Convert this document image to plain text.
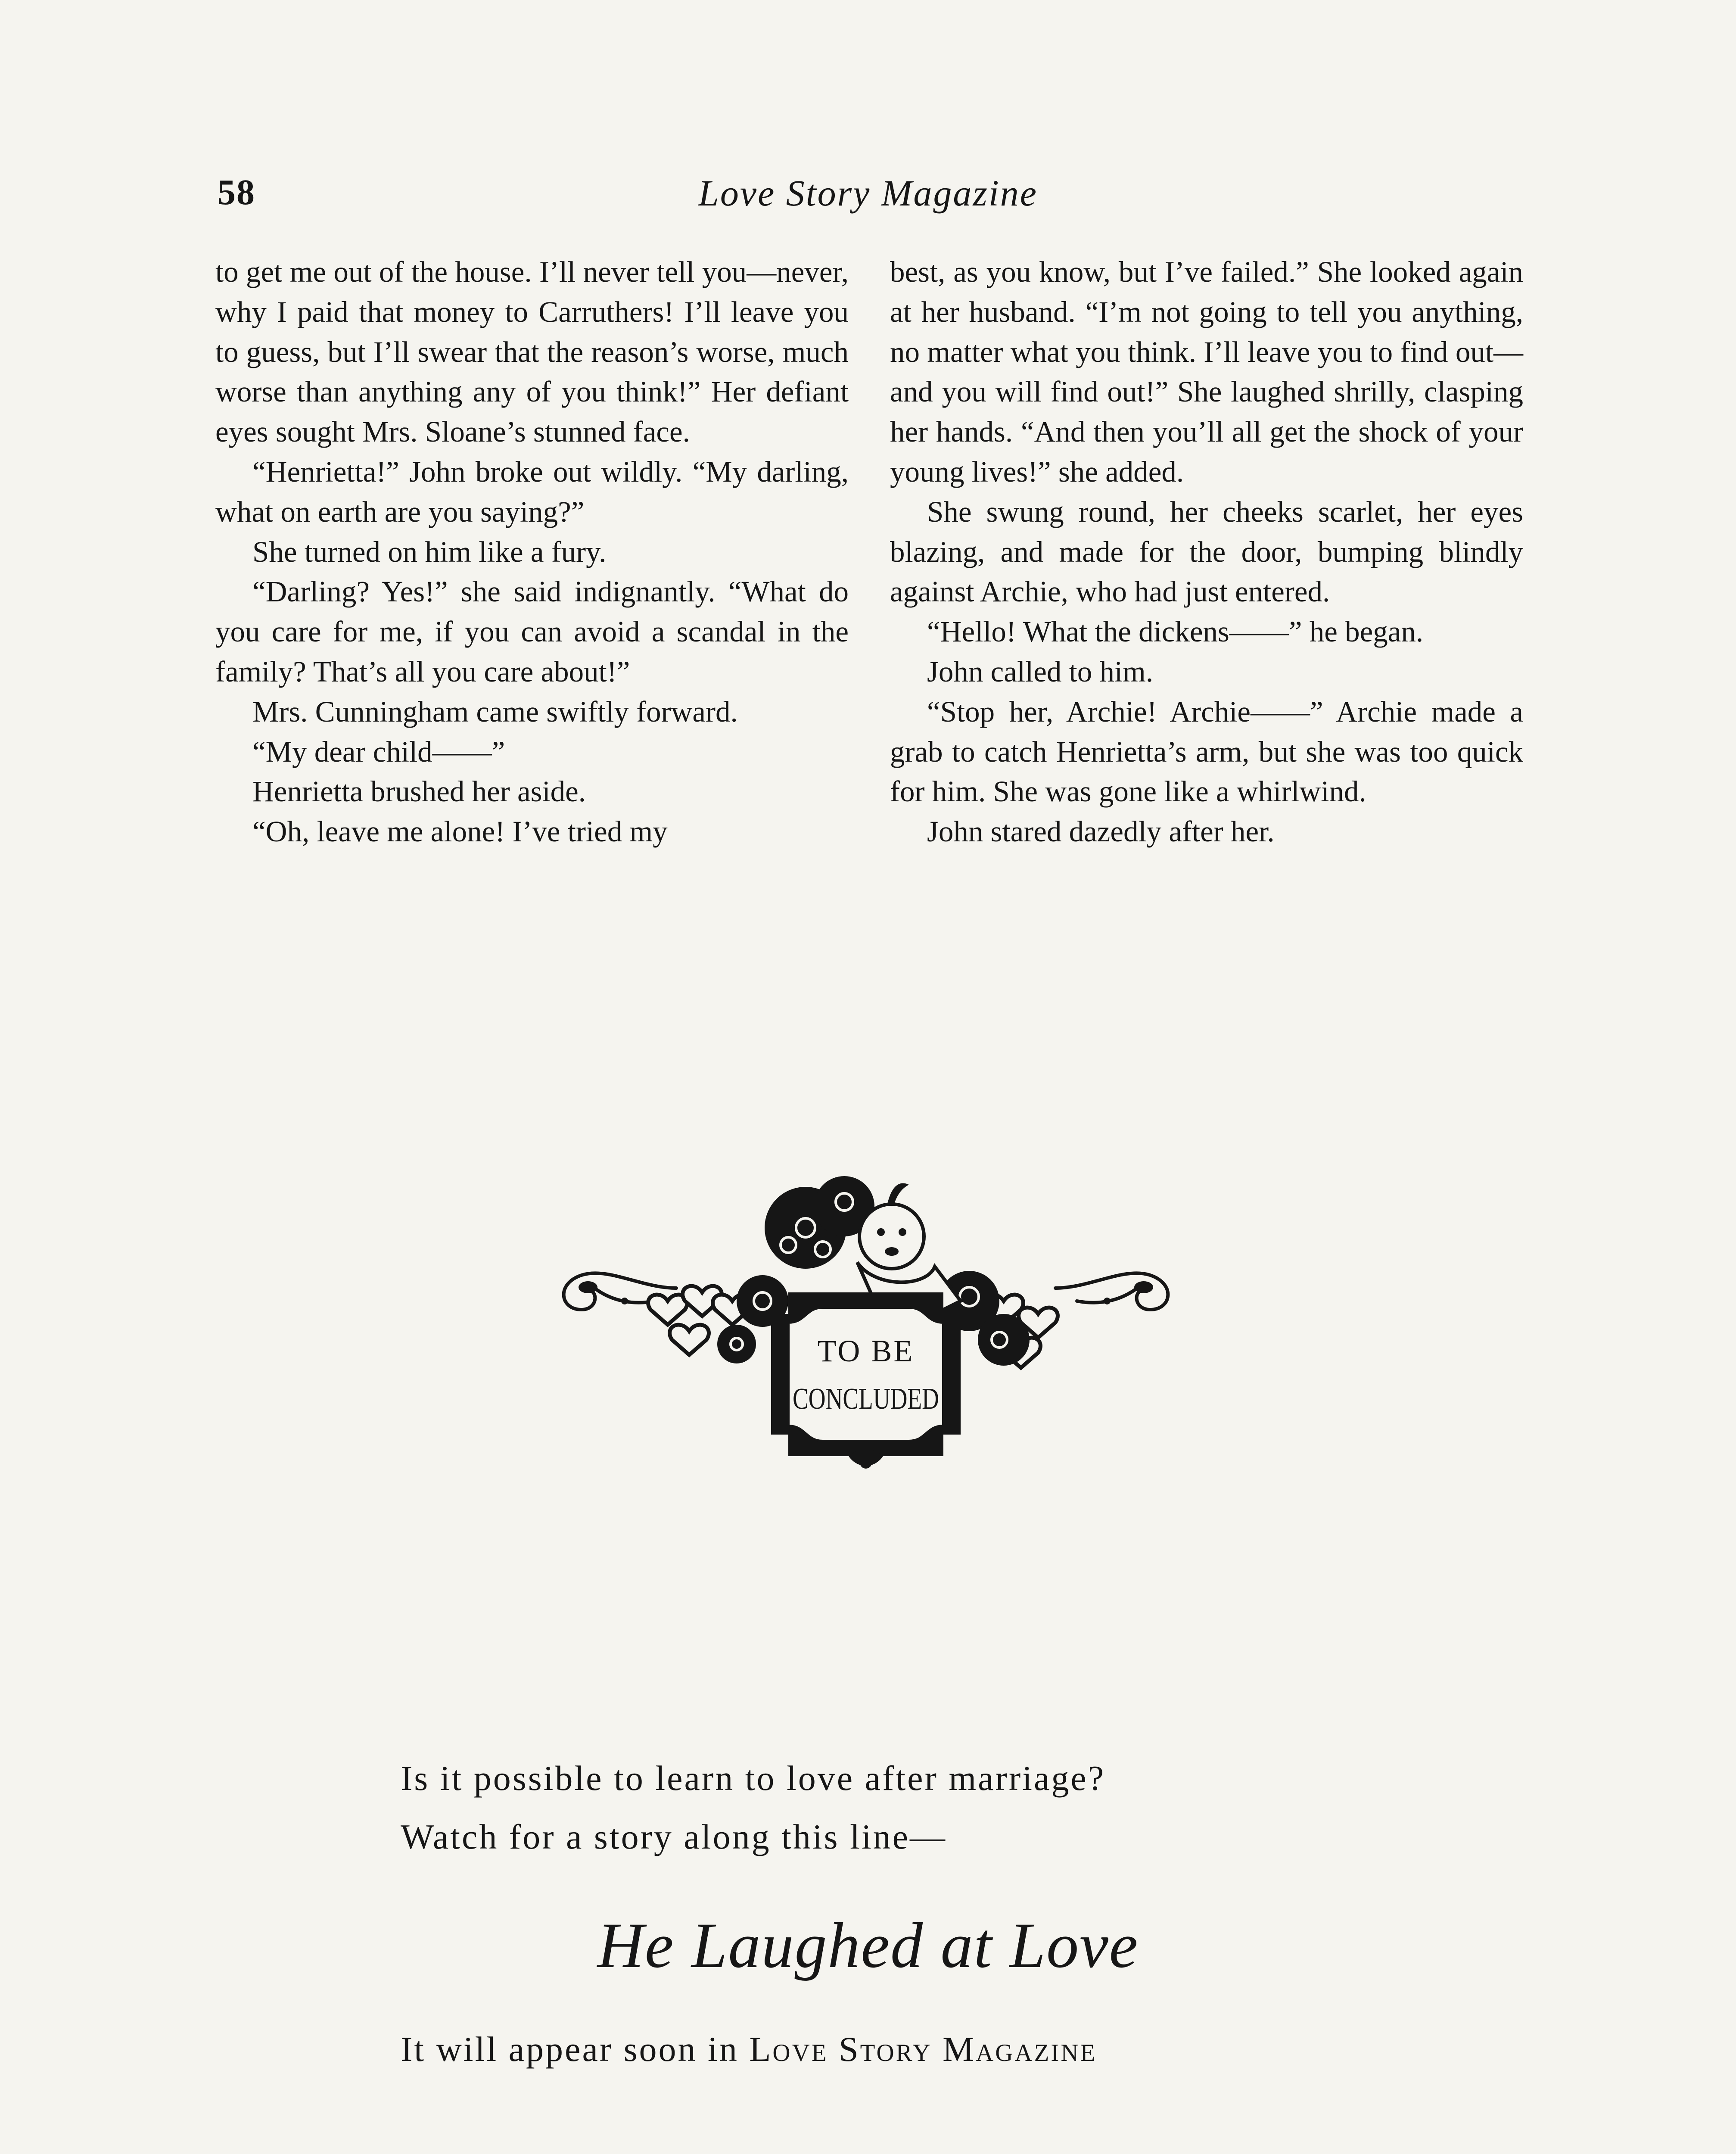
58	Love Story Magazine

to get me out of the house. I’ll never tell you—never, why I paid that money to Carruthers! I’ll leave you to guess, but I’ll swear that the reason’s worse, much worse than anything any of you think!” Her defiant eyes sought Mrs. Sloane’s stunned face.

“Henrietta!” John broke out wildly. “My darling, what on earth are you saying?”

She turned on him like a fury.

“Darling? Yes!” she said indignantly. “What do you care for me, if you can avoid a scandal in the family? That’s all you care about!”

Mrs. Cunningham came swiftly forward.

“My dear child——”

Henrietta brushed her aside.

“Oh, leave me alone! I’ve tried my

best, as you know, but I’ve failed.” She looked again at her husband. “I’m not going to tell you anything, no matter what you think. I’ll leave you to find out—and you will find out!” She laughed shrilly, clasping her hands. “And then you’ll all get the shock of your young lives!” she added.

She swung round, her cheeks scarlet, her eyes blazing, and made for the door, bumping blindly against Archie, who had just entered.

“Hello! What the dickens——” he began.

John called to him.

“Stop her, Archie! Archie——” Archie made a grab to catch Henrietta’s arm, but she was too quick for him. She was gone like a whirlwind.

John stared dazedly after her.

TO BE
CONCLUDED
Is it possible to learn to love after marriage?
Watch for a story along this line—
He Laughed at Love
It will appear soon in Love Story Magazine
